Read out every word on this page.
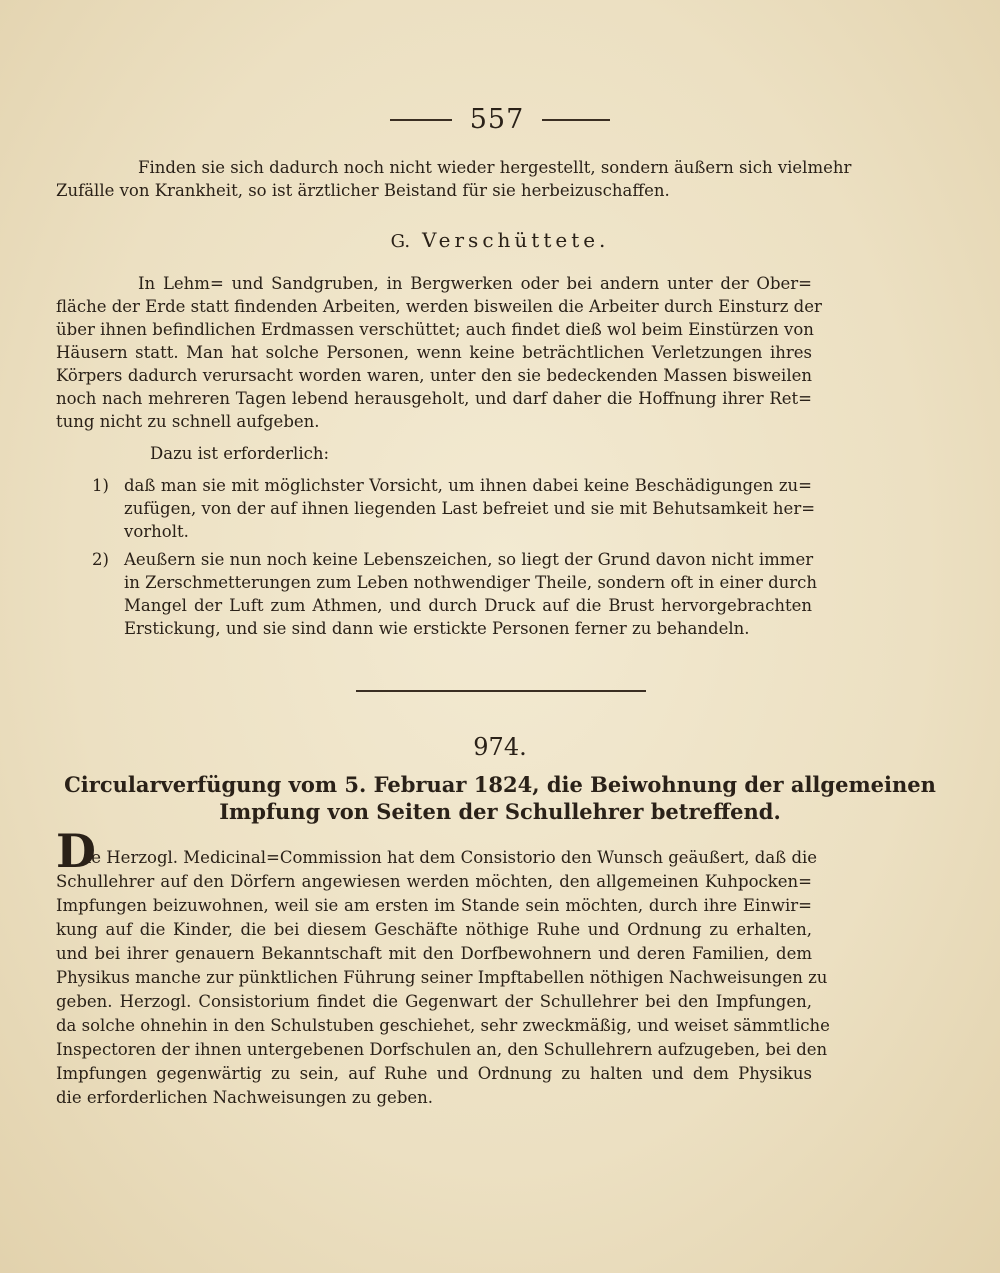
557
Finden sie sich dadurch noch nicht wieder hergestellt, sondern äußern sich vielmehr
Zufälle von Krankheit, so ist ärztlicher Beistand für sie herbeizuschaffen.
G. Verschüttete.
In Lehm= und Sandgruben, in Bergwerken oder bei andern unter der Ober=
fläche der Erde statt findenden Arbeiten, werden bisweilen die Arbeiter durch Einsturz der
über ihnen befindlichen Erdmassen verschüttet; auch findet dieß wol beim Einstürzen von
Häusern statt. Man hat solche Personen, wenn keine beträchtlichen Verletzungen ihres
Körpers dadurch verursacht worden waren, unter den sie bedeckenden Massen bisweilen
noch nach mehreren Tagen lebend herausgeholt, und darf daher die Hoffnung ihrer Ret=
tung nicht zu schnell aufgeben.
Dazu ist erforderlich:
1) daß man sie mit möglichster Vorsicht, um ihnen dabei keine Beschädigungen zu=
zufügen, von der auf ihnen liegenden Last befreiet und sie mit Behutsamkeit her=
vorholt.
2) Aeußern sie nun noch keine Lebenszeichen, so liegt der Grund davon nicht immer
in Zerschmetterungen zum Leben nothwendiger Theile, sondern oft in einer durch
Mangel der Luft zum Athmen, und durch Druck auf die Brust hervorgebrachten
Erstickung, und sie sind dann wie erstickte Personen ferner zu behandeln.
974.
Circularverfügung vom 5. Februar 1824, die Beiwohnung der allgemeinen
Impfung von Seiten der Schullehrer betreffend.
D
ie Herzogl. Medicinal=Commission hat dem Consistorio den Wunsch geäußert, daß die
Schullehrer auf den Dörfern angewiesen werden möchten, den allgemeinen Kuhpocken=
Impfungen beizuwohnen, weil sie am ersten im Stande sein möchten, durch ihre Einwir=
kung auf die Kinder, die bei diesem Geschäfte nöthige Ruhe und Ordnung zu erhalten,
und bei ihrer genauern Bekanntschaft mit den Dorfbewohnern und deren Familien, dem
Physikus manche zur pünktlichen Führung seiner Impftabellen nöthigen Nachweisungen zu
geben. Herzogl. Consistorium findet die Gegenwart der Schullehrer bei den Impfungen,
da solche ohnehin in den Schulstuben geschiehet, sehr zweckmäßig, und weiset sämmtliche
Inspectoren der ihnen untergebenen Dorfschulen an, den Schullehrern aufzugeben, bei den
Impfungen gegenwärtig zu sein, auf Ruhe und Ordnung zu halten und dem Physikus
die erforderlichen Nachweisungen zu geben.
